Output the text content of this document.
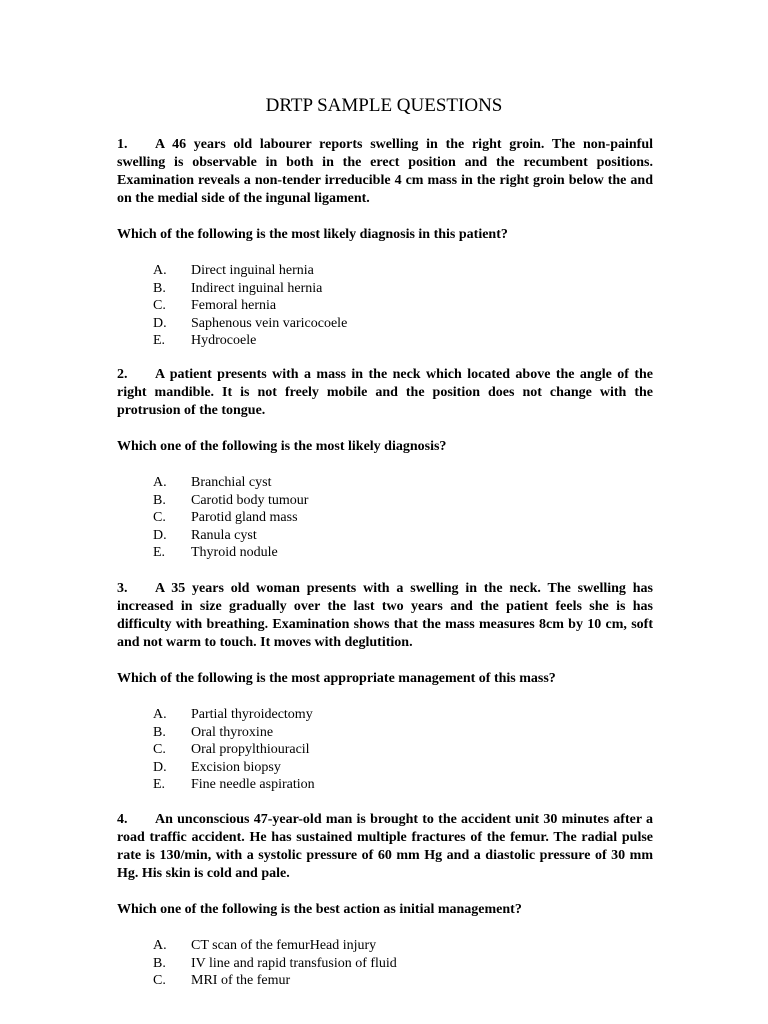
DRTP SAMPLE QUESTIONS
1. A 46 years old labourer reports swelling in the right groin. The non-painful swelling is observable in both in the erect position and the recumbent positions. Examination reveals a non-tender irreducible 4 cm mass in the right groin below the and on the medial side of the ingunal ligament.
Which of the following is the most likely diagnosis in this patient?
A. Direct inguinal hernia
B. Indirect inguinal hernia
C. Femoral hernia
D. Saphenous vein varicocoele
E. Hydrocoele
2. A patient presents with a mass in the neck which located above the angle of the right mandible. It is not freely mobile and the position does not change with the protrusion of the tongue.
Which one of the following is the most likely diagnosis?
A. Branchial cyst
B. Carotid body tumour
C. Parotid gland mass
D. Ranula cyst
E. Thyroid nodule
3. A 35 years old woman presents with a swelling in the neck. The swelling has increased in size gradually over the last two years and the patient feels she is has difficulty with breathing. Examination shows that the mass measures 8cm by 10 cm, soft and not warm to touch. It moves with deglutition.
Which of the following is the most appropriate management of this mass?
A. Partial thyroidectomy
B. Oral thyroxine
C. Oral propylthiouracil
D. Excision biopsy
E. Fine needle aspiration
4. An unconscious 47-year-old man is brought to the accident unit 30 minutes after a road traffic accident. He has sustained multiple fractures of the femur. The radial pulse rate is 130/min, with a systolic pressure of 60 mm Hg and a diastolic pressure of 30 mm Hg. His skin is cold and pale.
Which one of the following is the best action as initial management?
A. CT scan of the femurHead injury
B. IV line and rapid transfusion of fluid
C. MRI of the femur
